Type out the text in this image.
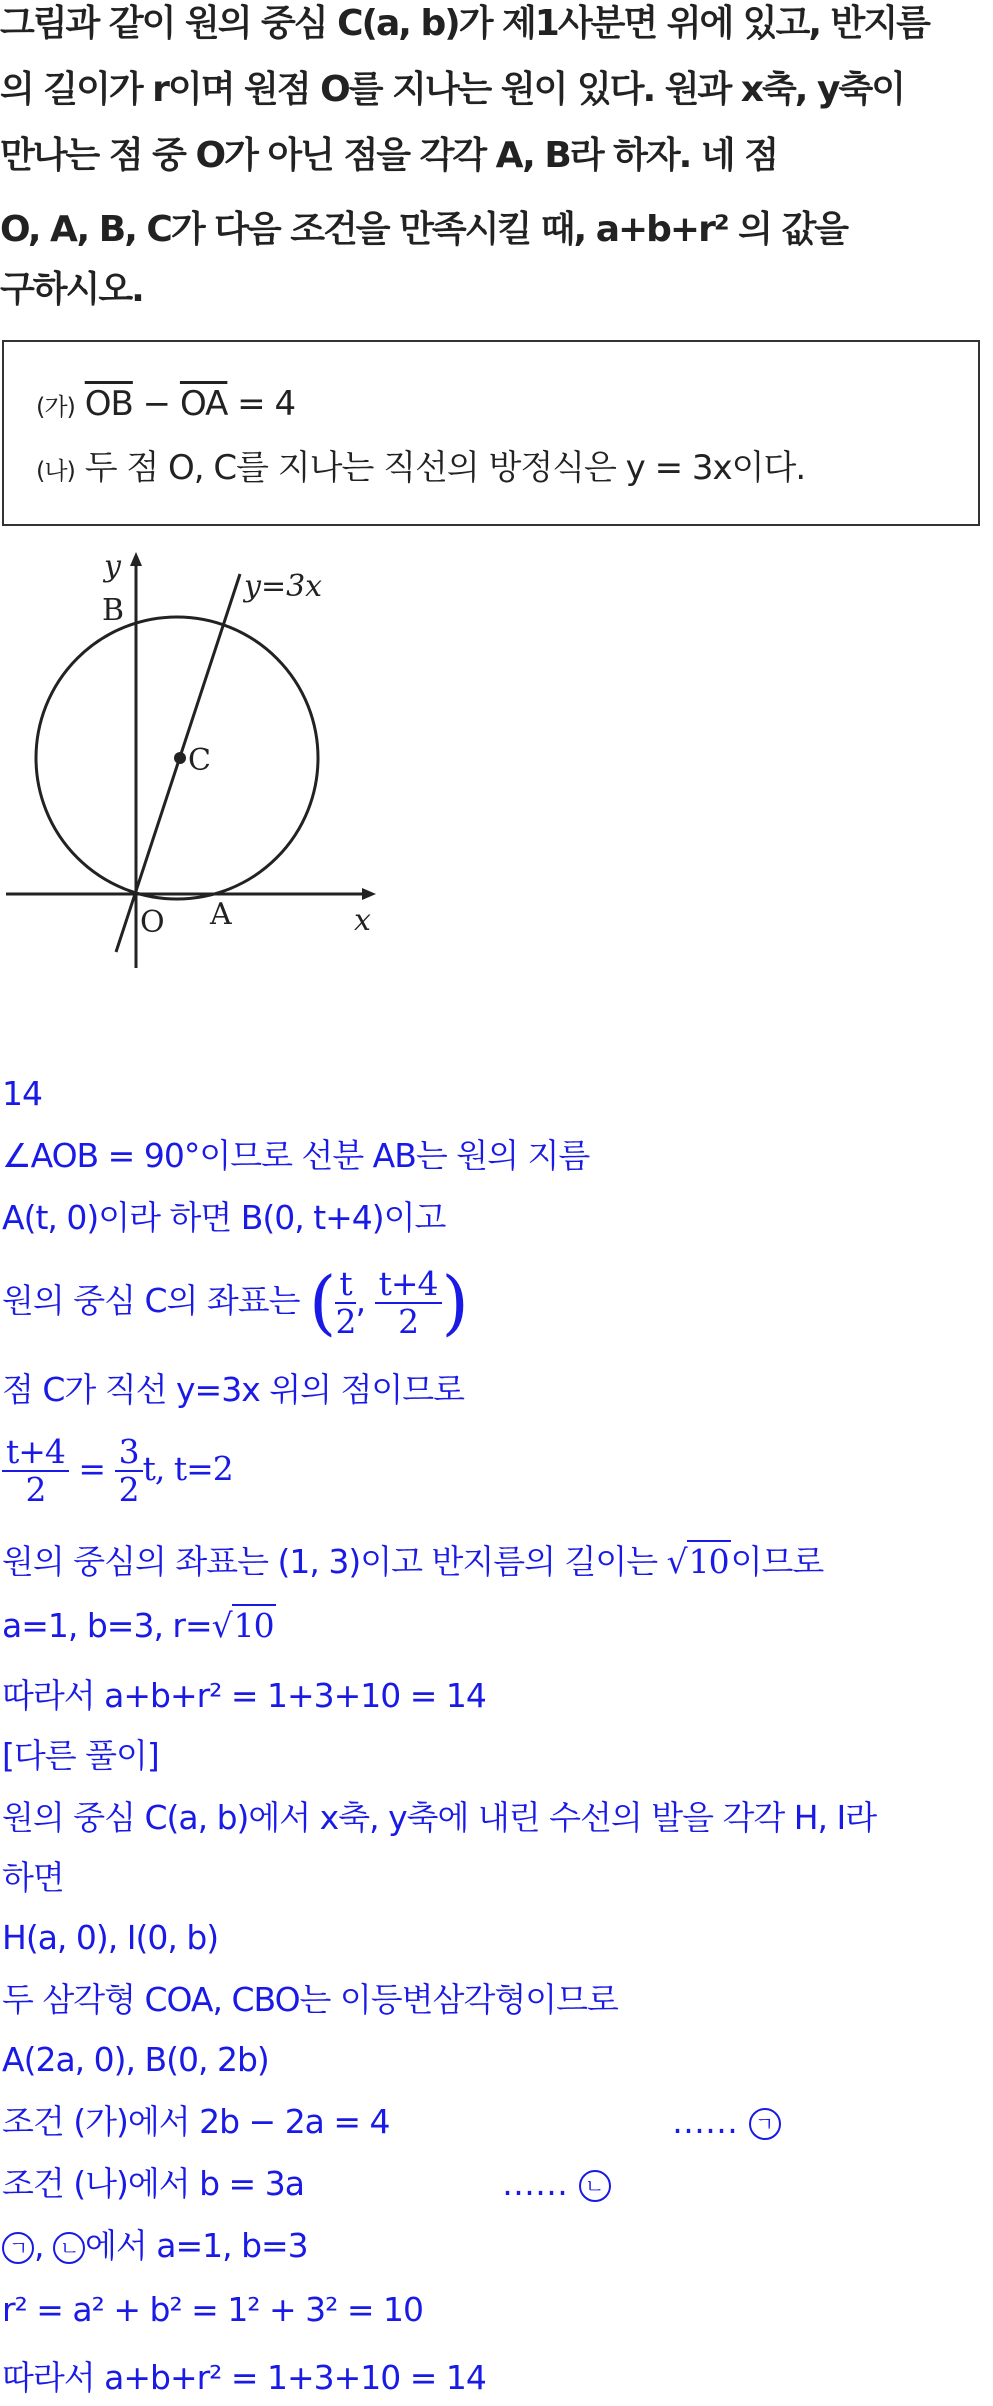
그림과 같이 원의 중심 C(a, b)가 제1사분면 위에 있고, 반지름
의 길이가 r이며 원점 O를 지나는 원이 있다. 원과 x축, y축이
만나는 점 중 O가 아닌 점을 각각 A, B라 하자. 네 점
O, A, B, C가 다음 조건을 만족시킬 때, a+b+r² 의 값을
구하시오.
(가) $\overline{OB} - \overline{OA} = 4$
(나) 두 점 O, C를 지나는 직선의 방정식은 y = 3x이다.
y=3x
y
B
C
O A	x
14
∠AOB = 90°이므로 선분 AB는 원의 지름
A(t, 0)이라 하면 B(0, t+4)이고
원의 중심 C의 좌표는 ( $\frac{t}{2}$ , $\frac{t+4}{2}$ )
점 C가 직선 y=3x 위의 점이므로
$\frac{t+4}{2} = \frac{3}{2} t$, t=2
원의 중심의 좌표는 (1, 3)이고 반지름의 길이는 √10이므로
a=1, b=3, r=√10
따라서 a+b+r² = 1+3+10 = 14
[다른 풀이]
원의 중심 C(a, b)에서 x축, y축에 내린 수선의 발을 각각 H, I라
하면
H(a, 0), I(0, b)
두 삼각형 COA, CBO는 이등변삼각형이므로
A(2a, 0), B(0, 2b)
조건 (가)에서 2b − 2a = 4	…… ㄱ
조건 (나)에서 b = 3a	…… ㄴ
ㄱ , ㄴ 에서 a=1, b=3
r² = a² + b² = 1² + 3² = 10
따라서 a+b+r² = 1+3+10 = 14
